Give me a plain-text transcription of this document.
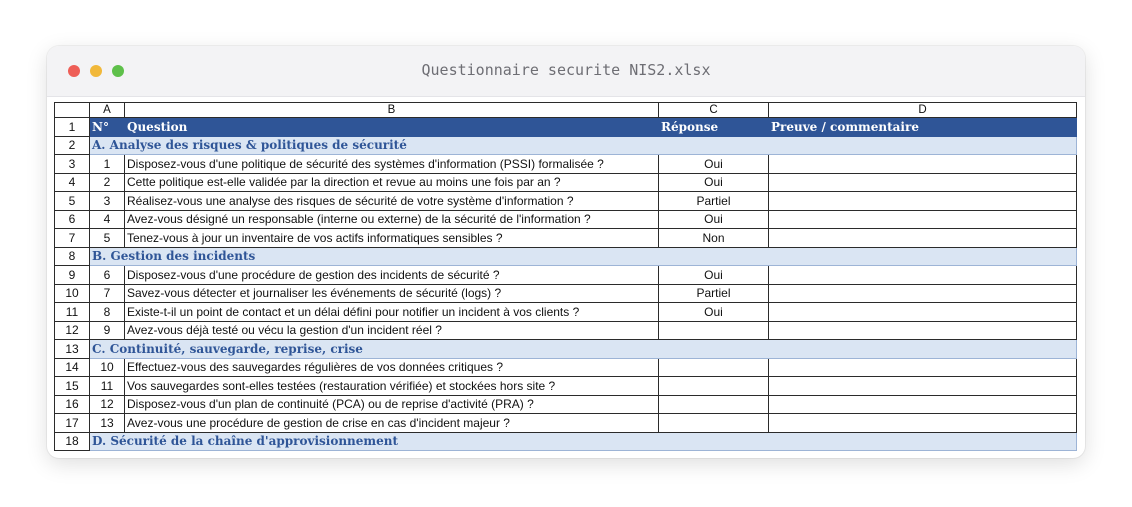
Questionnaire securite NIS2.xlsx
	A	B	C	D
1	N°	Question	Réponse	Preuve / commentaire
2	A. Analyse des risques & politiques de sécurité			
3	1	Disposez-vous d'une politique de sécurité des systèmes d'information (PSSI) formalisée ?	Oui	
4	2	Cette politique est-elle validée par la direction et revue au moins une fois par an ?	Oui	
5	3	Réalisez-vous une analyse des risques de sécurité de votre système d'information ?	Partiel	
6	4	Avez-vous désigné un responsable (interne ou externe) de la sécurité de l'information ?	Oui	
7	5	Tenez-vous à jour un inventaire de vos actifs informatiques sensibles ?	Non	
8	B. Gestion des incidents			
9	6	Disposez-vous d'une procédure de gestion des incidents de sécurité ?	Oui	
10	7	Savez-vous détecter et journaliser les événements de sécurité (logs) ?	Partiel	
11	8	Existe-t-il un point de contact et un délai défini pour notifier un incident à vos clients ?	Oui	
12	9	Avez-vous déjà testé ou vécu la gestion d'un incident réel ?		
13	C. Continuité, sauvegarde, reprise, crise			
14	10	Effectuez-vous des sauvegardes régulières de vos données critiques ?		
15	11	Vos sauvegardes sont-elles testées (restauration vérifiée) et stockées hors site ?		
16	12	Disposez-vous d'un plan de continuité (PCA) ou de reprise d'activité (PRA) ?		
17	13	Avez-vous une procédure de gestion de crise en cas d'incident majeur ?		
18	D. Sécurité de la chaîne d'approvisionnement			
